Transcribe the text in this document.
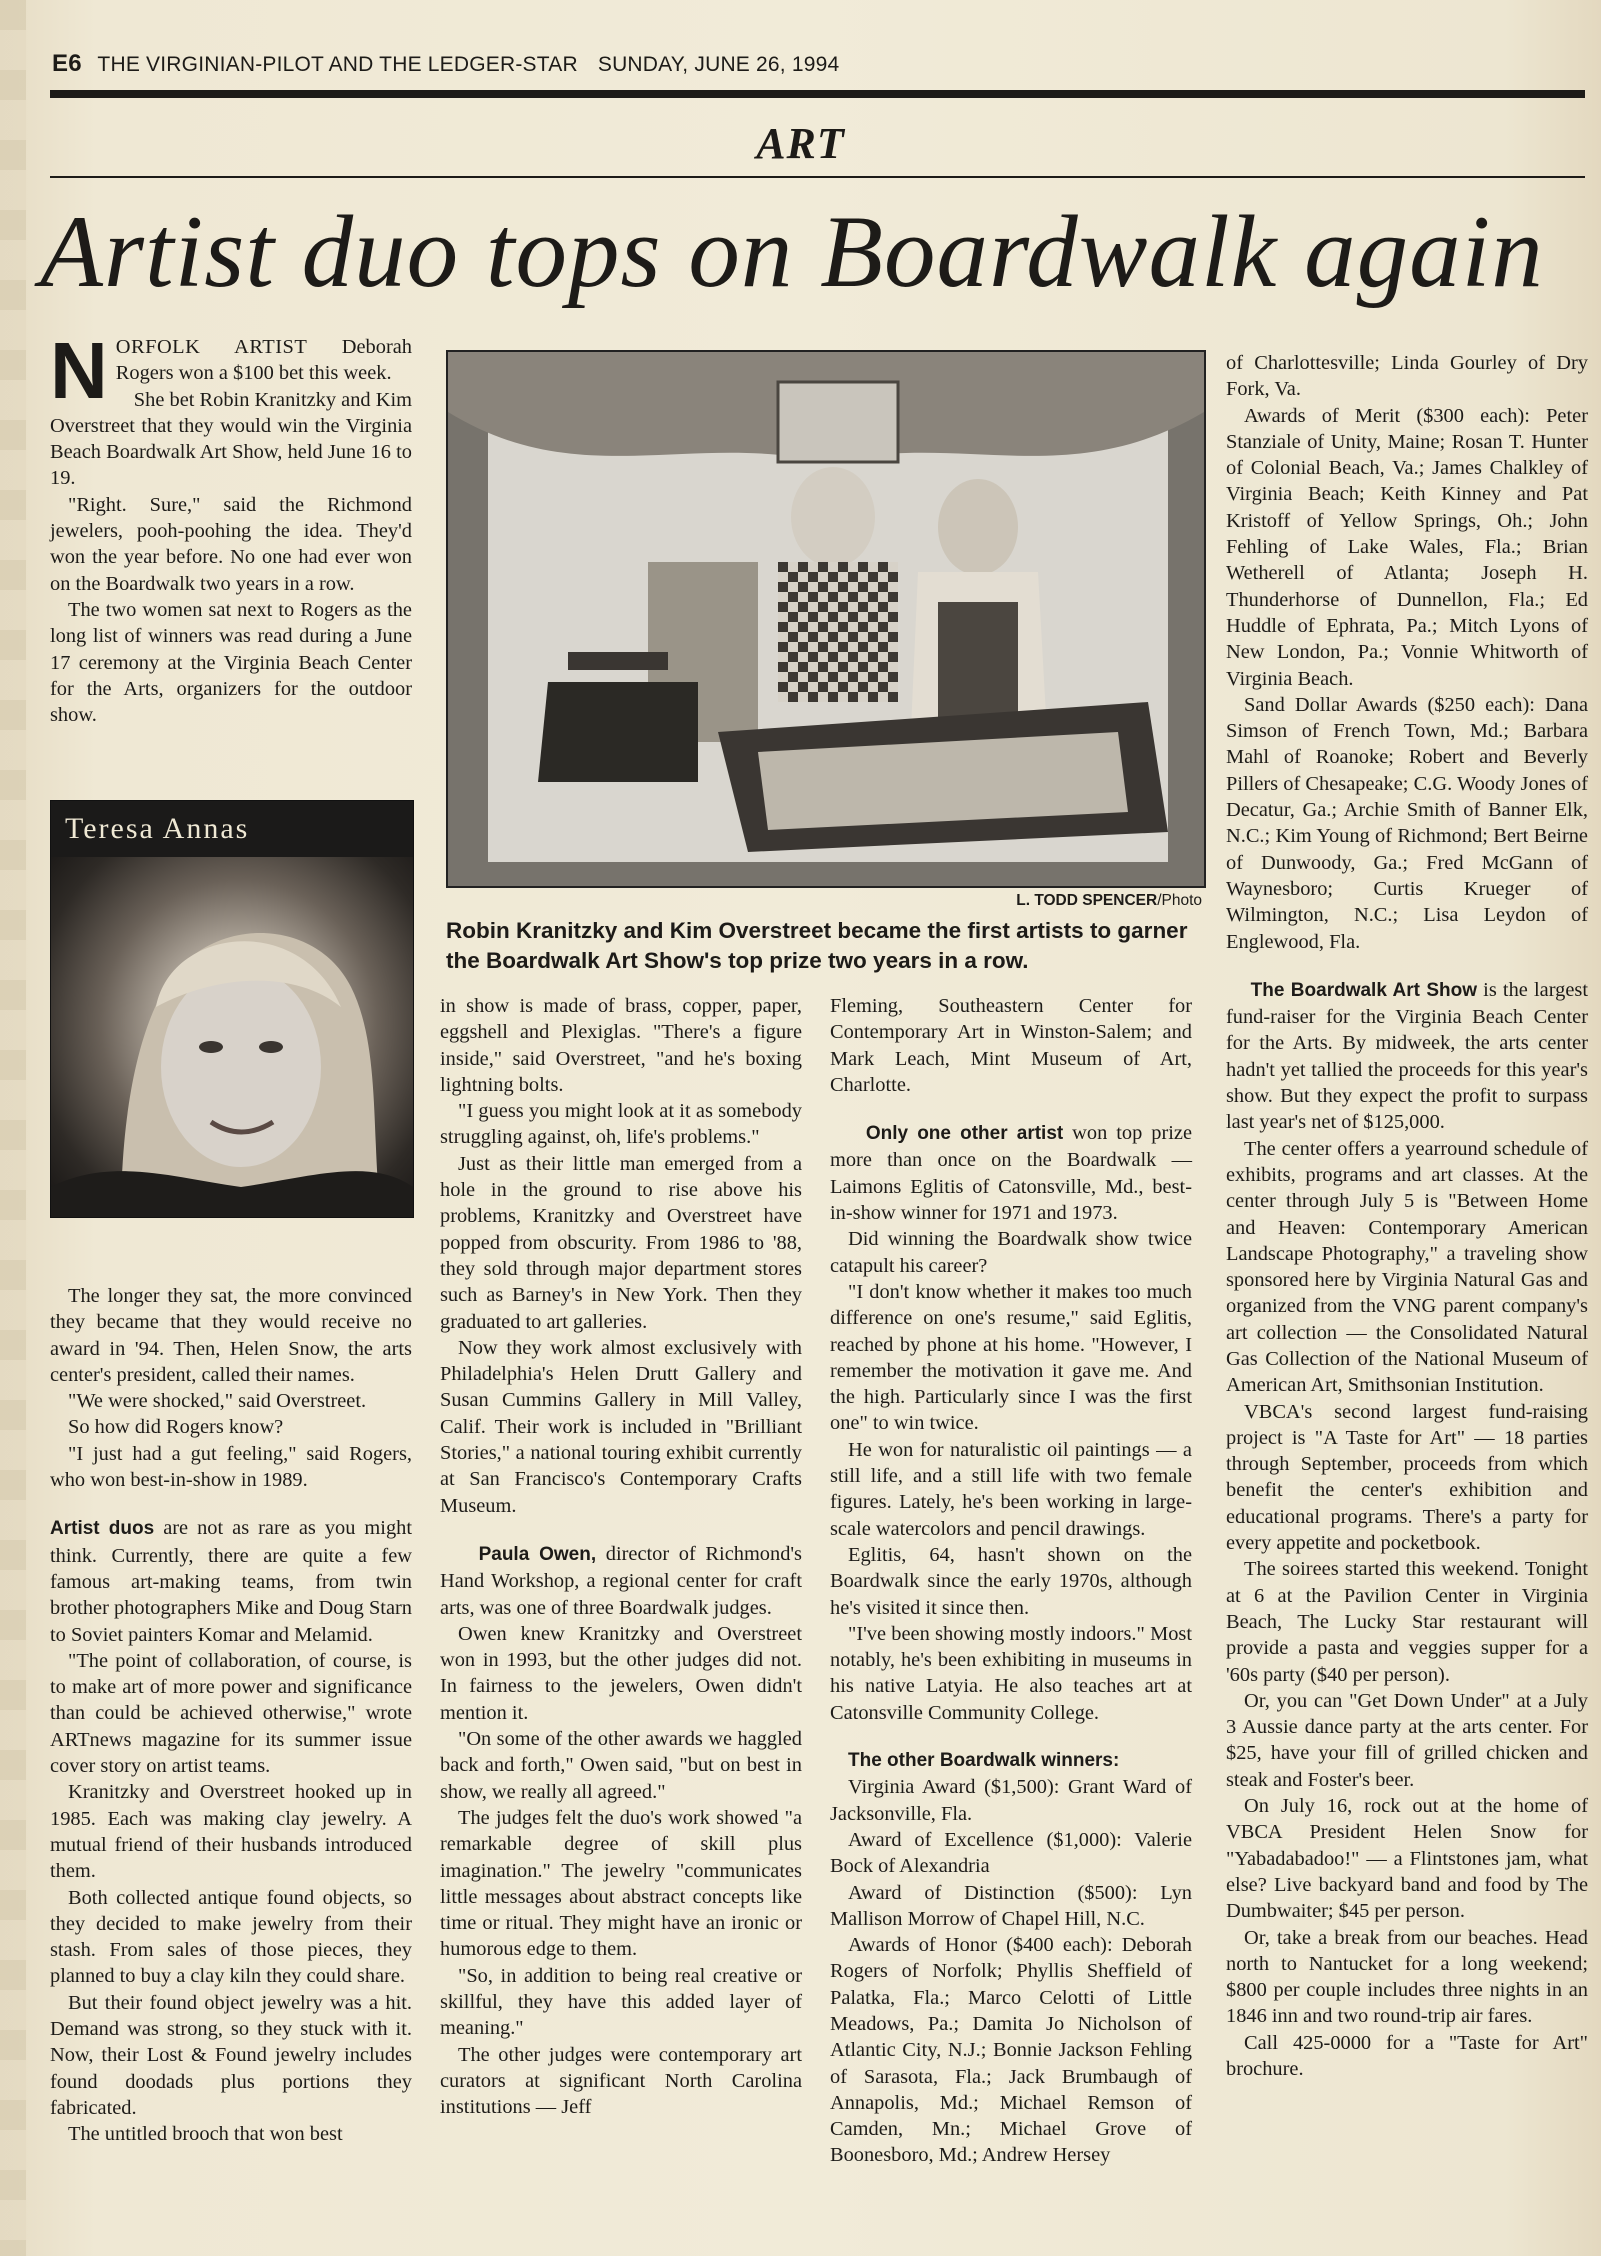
E6 THE VIRGINIAN-PILOT AND THE LEDGER-STAR SUNDAY, JUNE 26, 1994
ART
Artist duo tops on Boardwalk again

NORFOLK ARTIST Deborah Rogers won a $100 bet this week.

She bet Robin Kranitzky and Kim Overstreet that they would win the Virginia Beach Boardwalk Art Show, held June 16 to 19.

"Right. Sure," said the Richmond jewelers, pooh-poohing the idea. They'd won the year before. No one had ever won on the Boardwalk two years in a row.

The two women sat next to Rogers as the long list of winners was read during a June 17 ceremony at the Virginia Beach Center for the Arts, organizers for the outdoor show.

Teresa Annas

The longer they sat, the more convinced they became that they would receive no award in '94. Then, Helen Snow, the arts center's president, called their names.

"We were shocked," said Overstreet.

So how did Rogers know?

"I just had a gut feeling," said Rogers, who won best-in-show in 1989.

Artist duos are not as rare as you might think. Currently, there are quite a few famous art-making teams, from twin brother photographers Mike and Doug Starn to Soviet painters Komar and Melamid.

"The point of collaboration, of course, is to make art of more power and significance than could be achieved otherwise," wrote ARTnews magazine for its summer issue cover story on artist teams.

Kranitzky and Overstreet hooked up in 1985. Each was making clay jewelry. A mutual friend of their husbands introduced them.

Both collected antique found objects, so they decided to make jewelry from their stash. From sales of those pieces, they planned to buy a clay kiln they could share.

But their found object jewelry was a hit. Demand was strong, so they stuck with it. Now, their Lost & Found jewelry includes found doodads plus portions they fabricated.

The untitled brooch that won best

L. TODD SPENCER/Photo
Robin Kranitzky and Kim Overstreet became the first artists to garner the Boardwalk Art Show's top prize two years in a row.

in show is made of brass, copper, paper, eggshell and Plexiglas. "There's a figure inside," said Overstreet, "and he's boxing lightning bolts.

"I guess you might look at it as somebody struggling against, oh, life's problems."

Just as their little man emerged from a hole in the ground to rise above his problems, Kranitzky and Overstreet have popped from obscurity. From 1986 to '88, they sold through major department stores such as Barney's in New York. Then they graduated to art galleries.

Now they work almost exclusively with Philadelphia's Helen Drutt Gallery and Susan Cummins Gallery in Mill Valley, Calif. Their work is included in "Brilliant Stories," a national touring exhibit currently at San Francisco's Contemporary Crafts Museum.

Paula Owen, director of Richmond's Hand Workshop, a regional center for craft arts, was one of three Boardwalk judges.

Owen knew Kranitzky and Overstreet won in 1993, but the other judges did not. In fairness to the jewelers, Owen didn't mention it.

"On some of the other awards we haggled back and forth," Owen said, "but on best in show, we really all agreed."

The judges felt the duo's work showed "a remarkable degree of skill plus imagination." The jewelry "communicates little messages about abstract concepts like time or ritual. They might have an ironic or humorous edge to them.

"So, in addition to being real creative or skillful, they have this added layer of meaning."

The other judges were contemporary art curators at significant North Carolina institutions — Jeff

Fleming, Southeastern Center for Contemporary Art in Winston-Salem; and Mark Leach, Mint Museum of Art, Charlotte.

Only one other artist won top prize more than once on the Boardwalk — Laimons Eglitis of Catonsville, Md., best-in-show winner for 1971 and 1973.

Did winning the Boardwalk show twice catapult his career?

"I don't know whether it makes too much difference on one's resume," said Eglitis, reached by phone at his home. "However, I remember the motivation it gave me. And the high. Particularly since I was the first one" to win twice.

He won for naturalistic oil paintings — a still life, and a still life with two female figures. Lately, he's been working in large-scale watercolors and pencil drawings.

Eglitis, 64, hasn't shown on the Boardwalk since the early 1970s, although he's visited it since then.

"I've been showing mostly indoors." Most notably, he's been exhibiting in museums in his native Latyia. He also teaches art at Catonsville Community College.

The other Boardwalk winners:

Virginia Award ($1,500): Grant Ward of Jacksonville, Fla.

Award of Excellence ($1,000): Valerie Bock of Alexandria

Award of Distinction ($500): Lyn Mallison Morrow of Chapel Hill, N.C.

Awards of Honor ($400 each): Deborah Rogers of Norfolk; Phyllis Sheffield of Palatka, Fla.; Marco Celotti of Little Meadows, Pa.; Damita Jo Nicholson of Atlantic City, N.J.; Bonnie Jackson Fehling of Sarasota, Fla.; Jack Brumbaugh of Annapolis, Md.; Michael Remson of Camden, Mn.; Michael Grove of Boonesboro, Md.; Andrew Hersey

of Charlottesville; Linda Gourley of Dry Fork, Va.

Awards of Merit ($300 each): Peter Stanziale of Unity, Maine; Rosan T. Hunter of Colonial Beach, Va.; James Chalkley of Virginia Beach; Keith Kinney and Pat Kristoff of Yellow Springs, Oh.; John Fehling of Lake Wales, Fla.; Brian Wetherell of Atlanta; Joseph H. Thunderhorse of Dunnellon, Fla.; Ed Huddle of Ephrata, Pa.; Mitch Lyons of New London, Pa.; Vonnie Whitworth of Virginia Beach.

Sand Dollar Awards ($250 each): Dana Simson of French Town, Md.; Barbara Mahl of Roanoke; Robert and Beverly Pillers of Chesapeake; C.G. Woody Jones of Decatur, Ga.; Archie Smith of Banner Elk, N.C.; Kim Young of Richmond; Bert Beirne of Dunwoody, Ga.; Fred McGann of Waynesboro; Curtis Krueger of Wilmington, N.C.; Lisa Leydon of Englewood, Fla.

The Boardwalk Art Show is the largest fund-raiser for the Virginia Beach Center for the Arts. By midweek, the arts center hadn't yet tallied the proceeds for this year's show. But they expect the profit to surpass last year's net of $125,000.

The center offers a yearround schedule of exhibits, programs and art classes. At the center through July 5 is "Between Home and Heaven: Contemporary American Landscape Photography," a traveling show sponsored here by Virginia Natural Gas and organized from the VNG parent company's art collection — the Consolidated Natural Gas Collection of the National Museum of American Art, Smithsonian Institution.

VBCA's second largest fund-raising project is "A Taste for Art" — 18 parties through September, proceeds from which benefit the center's exhibition and educational programs. There's a party for every appetite and pocketbook.

The soirees started this weekend. Tonight at 6 at the Pavilion Center in Virginia Beach, The Lucky Star restaurant will provide a pasta and veggies supper for a '60s party ($40 per person).

Or, you can "Get Down Under" at a July 3 Aussie dance party at the arts center. For $25, have your fill of grilled chicken and steak and Foster's beer.

On July 16, rock out at the home of VBCA President Helen Snow for "Yabadabadoo!" — a Flintstones jam, what else? Live backyard band and food by The Dumbwaiter; $45 per person.

Or, take a break from our beaches. Head north to Nantucket for a long weekend; $800 per couple includes three nights in an 1846 inn and two round-trip air fares.

Call 425-0000 for a "Taste for Art" brochure.
